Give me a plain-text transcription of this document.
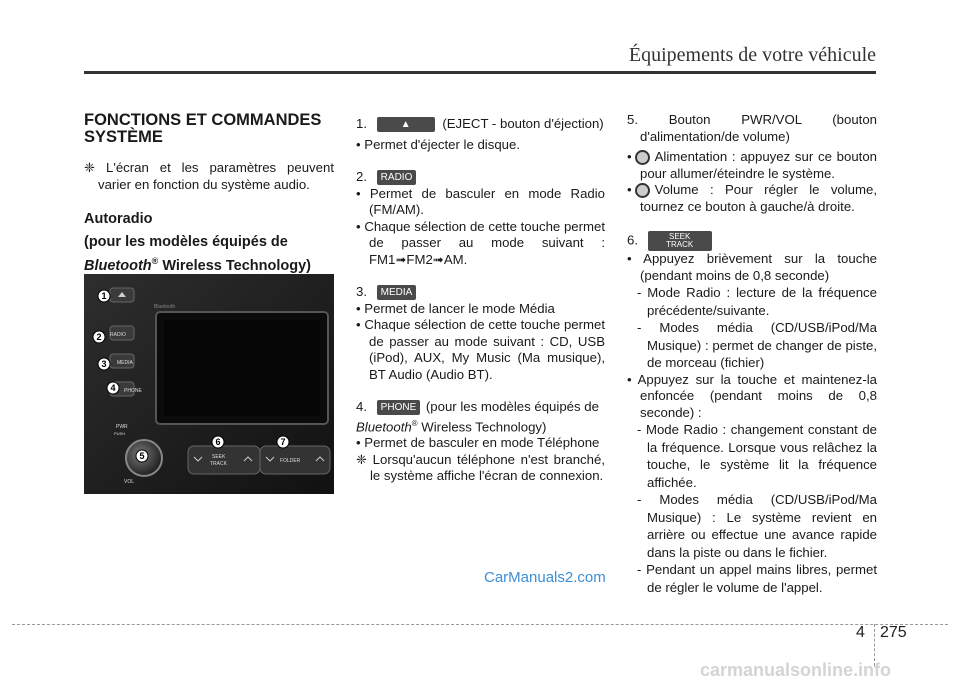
Équipements de votre véhicule
FONCTIONS ET COMMANDES SYSTÈME

❈ L'écran et les paramètres peuvent varier en fonction du système audio.

Autoradio
(pour les modèles équipés de
Bluetooth® Wireless Technology)
Bluetooth
RADIO
MEDIA
PHONE
PWR
PUSH
VOL
SEEK
TRACK	FOLDER
1
2
3
4
5
6	7

1.	▲ (EJECT - bouton d'éjection)

• Permet d'éjecter le disque.

2. RADIO

• Permet de basculer en mode Radio (FM/AM).

• Chaque sélection de cette touche permet de passer au mode suivant : FM1➟FM2➟AM.

3. MEDIA

• Permet de lancer le mode Média

• Chaque sélection de cette touche permet de passer au mode suivant : CD, USB (iPod), AUX, My Music (Ma musique), BT Audio (Audio BT).

4. PHONE (pour les modèles équipés de

Bluetooth® Wireless Technology)

• Permet de basculer en mode Téléphone

❈ Lorsqu'aucun téléphone n'est branché, le système affiche l'écran de connexion.

5. Bouton PWR/VOL (bouton d'alimentation/de volume)

• Alimentation : appuyez sur ce bouton pour allumer/éteindre le système.

• Volume : Pour régler le volume, tournez ce bouton à gauche/à droite.

6.	SEEK
TRACK

• Appuyez brièvement sur la touche (pendant moins de 0,8 seconde)

- Mode Radio : lecture de la fréquence précédente/suivante.

- Modes média (CD/USB/iPod/Ma Musique) : permet de changer de piste, de morceau (fichier)

• Appuyez sur la touche et maintenez-la enfoncée (pendant moins de 0,8 seconde) :

- Mode Radio : changement constant de la fréquence. Lorsque vous relâchez la touche, le système lit la fréquence affichée.

- Modes média (CD/USB/iPod/Ma Musique) : Le système revient en arrière ou effectue une avance rapide dans la piste ou dans le fichier.

- Pendant un appel mains libres, permet de régler le volume de l'appel.

CarManuals2.com
4 275
carmanualsonline.info
